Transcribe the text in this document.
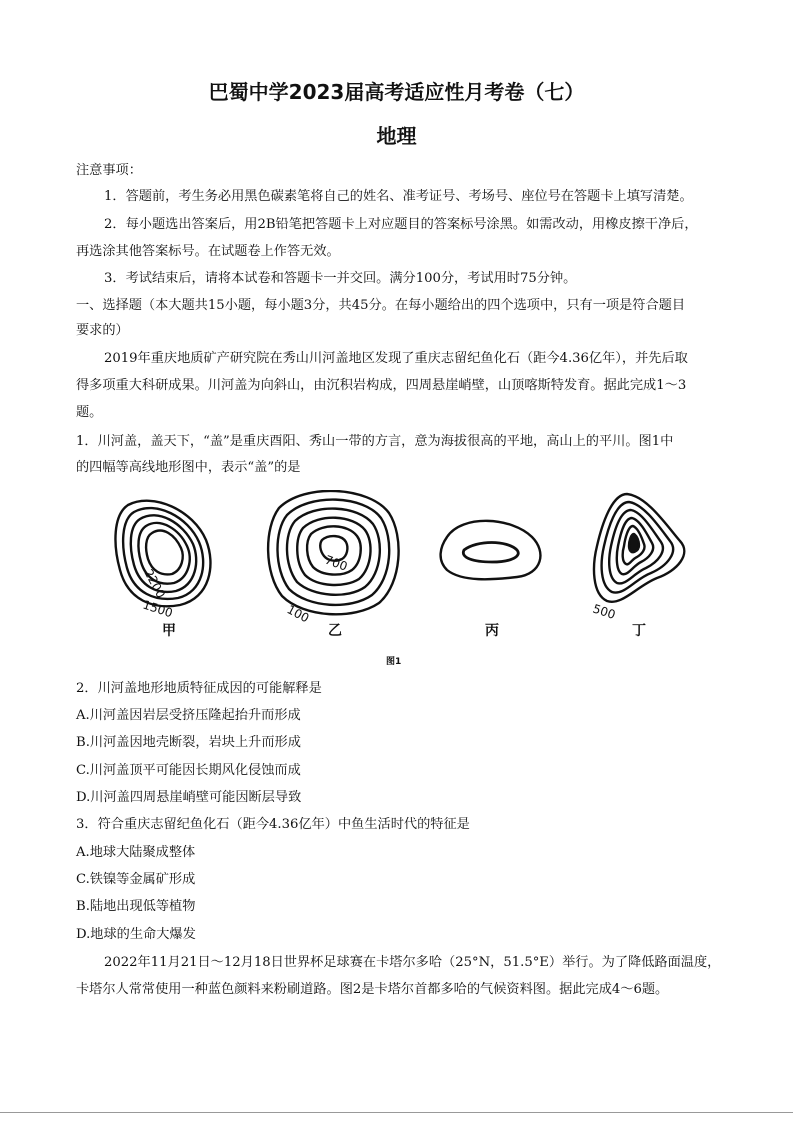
巴蜀中学2023届高考适应性月考卷（七）
地理
注意事项：
1．答题前，考生务必用黑色碳素笔将自己的姓名、准考证号、考场号、座位号在答题卡上填写清楚。
2．每小题选出答案后，用2B铅笔把答题卡上对应题目的答案标号涂黑。如需改动，用橡皮擦干净后，
再选涂其他答案标号。在试题卷上作答无效。
3．考试结束后，请将本试卷和答题卡一并交回。满分100分，考试用时75分钟。
一、选择题（本大题共15小题，每小题3分，共45分。在每小题给出的四个选项中，只有一项是符合题目
要求的）
2019年重庆地质矿产研究院在秀山川河盖地区发现了重庆志留纪鱼化石（距今4.36亿年），并先后取
得多项重大科研成果。川河盖为向斜山，由沉积岩构成，四周悬崖峭壁，山顶喀斯特发育。据此完成1～3
题。
1．川河盖，盖天下，“盖”是重庆酉阳、秀山一带的方言，意为海拔很高的平地，高山上的平川。图1中
的四幅等高线地形图中，表示“盖”的是
2200
1500
700
100	500
甲	乙	丙	丁
图1
2．川河盖地形地质特征成因的可能解释是
A.川河盖因岩层受挤压隆起抬升而形成
B.川河盖因地壳断裂，岩块上升而形成
C.川河盖顶平可能因长期风化侵蚀而成
D.川河盖四周悬崖峭壁可能因断层导致
3．符合重庆志留纪鱼化石（距今4.36亿年）中鱼生活时代的特征是
A.地球大陆聚成整体
C.铁镍等金属矿形成
B.陆地出现低等植物
D.地球的生命大爆发
2022年11月21日～12月18日世界杯足球赛在卡塔尔多哈（25°N，51.5°E）举行。为了降低路面温度，
卡塔尔人常常使用一种蓝色颜料来粉刷道路。图2是卡塔尔首都多哈的气候资料图。据此完成4～6题。
